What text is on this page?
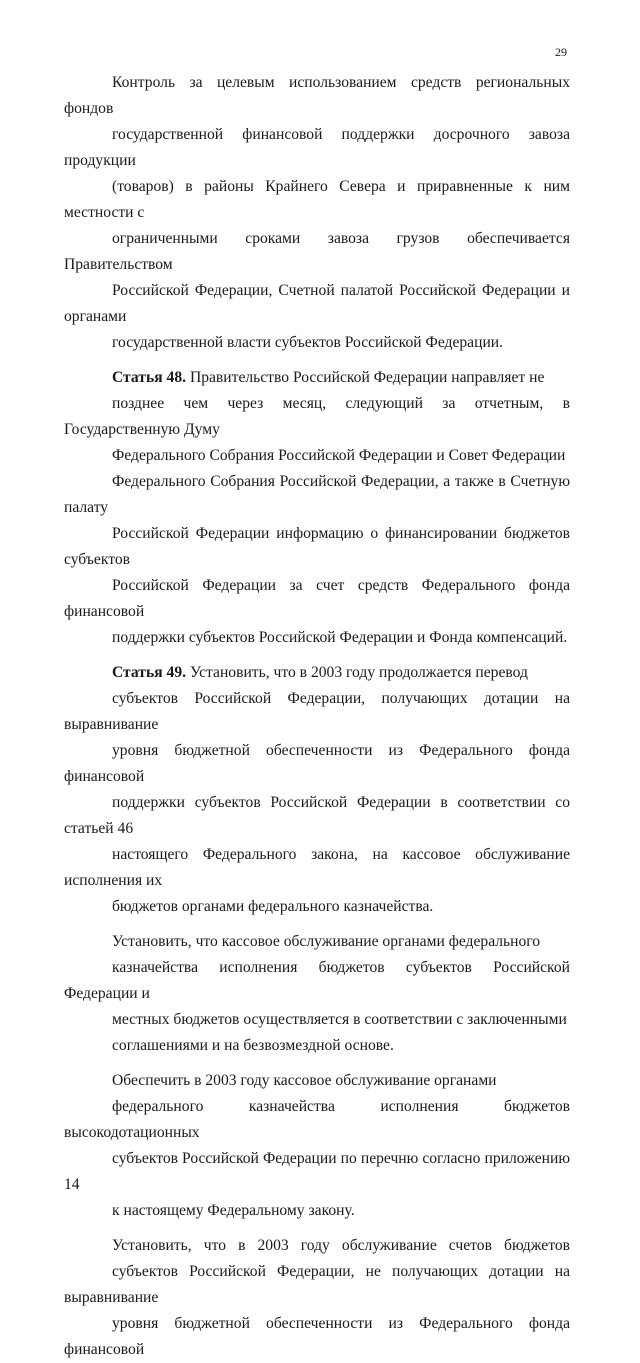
29

Контроль за целевым использованием средств региональных фондов
государственной финансовой поддержки досрочного завоза продукции
(товаров) в районы Крайнего Севера и приравненные к ним местности с
ограниченными сроками завоза грузов обеспечивается Правительством
Российской Федерации, Счетной палатой Российской Федерации и органами
государственной власти субъектов Российской Федерации.

Статья 48. Правительство Российской Федерации направляет не
позднее чем через месяц, следующий за отчетным, в Государственную Думу
Федерального Собрания Российской Федерации и Совет Федерации
Федерального Собрания Российской Федерации, а также в Счетную палату
Российской Федерации информацию о финансировании бюджетов субъектов
Российской Федерации за счет средств Федерального фонда финансовой
поддержки субъектов Российской Федерации и Фонда компенсаций.

Статья 49. Установить, что в 2003 году продолжается перевод
субъектов Российской Федерации, получающих дотации на выравнивание
уровня бюджетной обеспеченности из Федерального фонда финансовой
поддержки субъектов Российской Федерации в соответствии со статьей 46
настоящего Федерального закона, на кассовое обслуживание исполнения их
бюджетов органами федерального казначейства.

Установить, что кассовое обслуживание органами федерального
казначейства исполнения бюджетов субъектов Российской Федерации и
местных бюджетов осуществляется в соответствии с заключенными
соглашениями и на безвозмездной основе.

Обеспечить в 2003 году кассовое обслуживание органами
федерального казначейства исполнения бюджетов высокодотационных
субъектов Российской Федерации по перечню согласно приложению 14
к настоящему Федеральному закону.

Установить, что в 2003 году обслуживание счетов бюджетов
субъектов Российской Федерации, не получающих дотации на выравнивание
уровня бюджетной обеспеченности из Федерального фонда финансовой
